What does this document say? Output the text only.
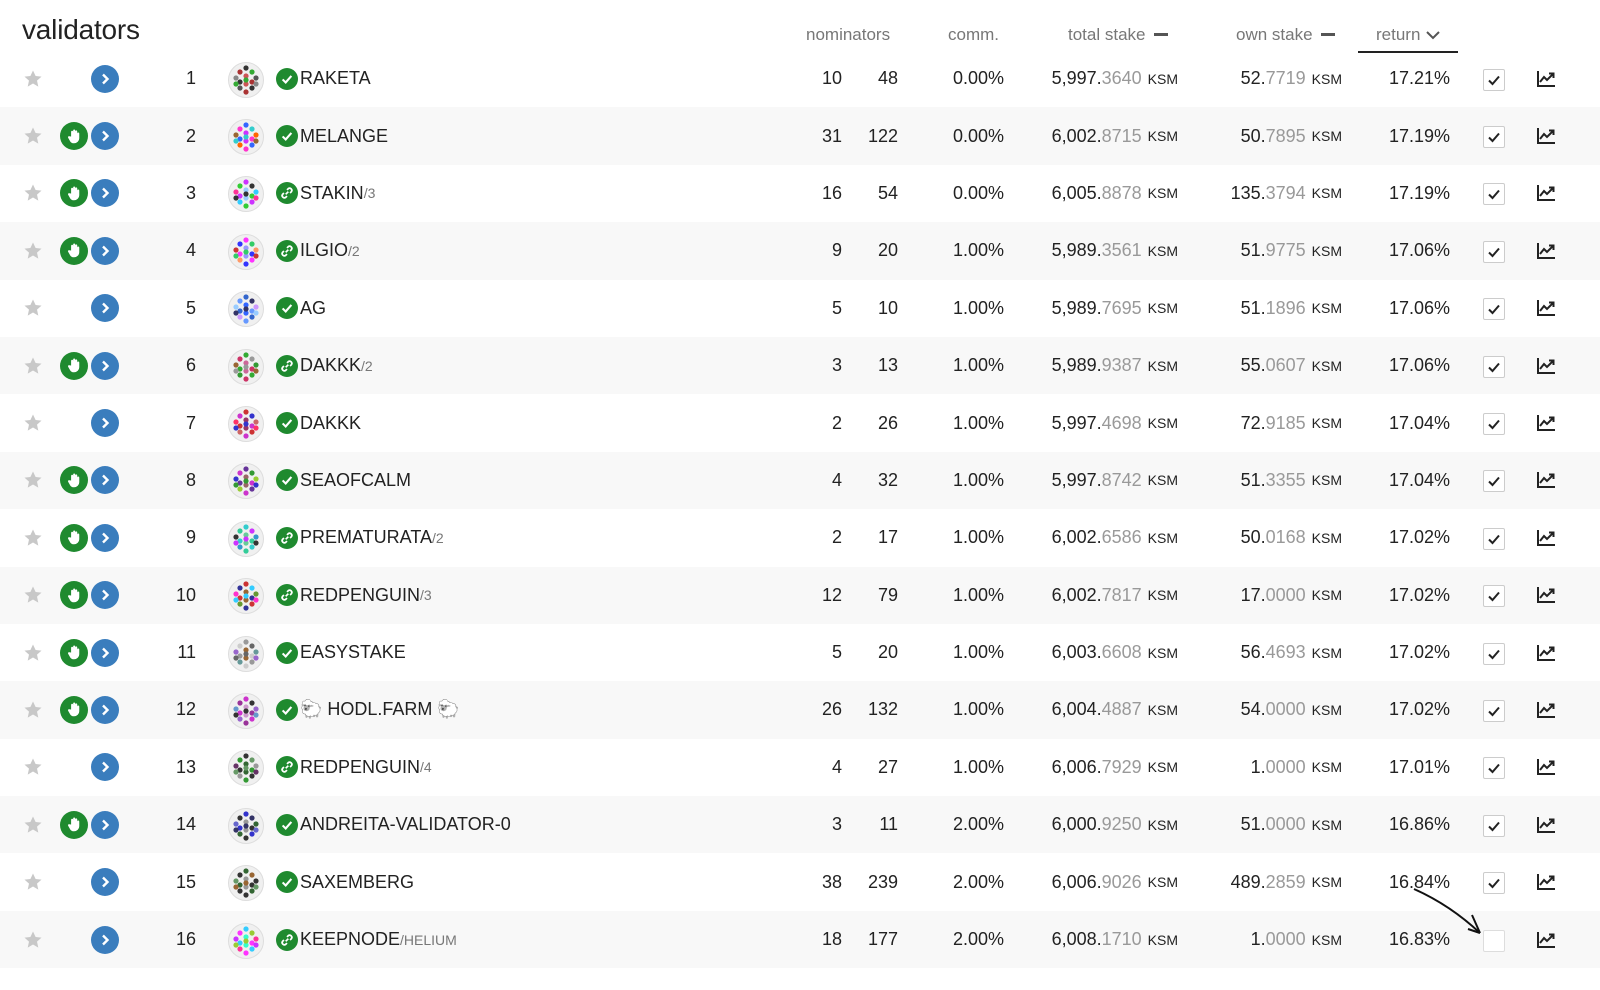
validators	nominators	comm.	total stake	own stake	return
1	RAKETA	10	48	0.00%	5,997. 3640 KSM	52. 7719 KSM	17.21%
2	MELANGE	31	122	0.00%	6,002. 8715 KSM	50. 7895 KSM	17.19%
3	STAKIN /3	16	54	0.00%	6,005. 8878 KSM	135. 3794 KSM	17.19%
4	ILGIO /2	9	20	1.00%	5,989. 3561 KSM	51. 9775 KSM	17.06%
5	AG	5	10	1.00%	5,989. 7695 KSM	51. 1896 KSM	17.06%
6	DAKKK /2	3	13	1.00%	5,989. 9387 KSM	55. 0607 KSM	17.06%
7	DAKKK	2	26	1.00%	5,997. 4698 KSM	72. 9185 KSM	17.04%
8	SEAOFCALM	4	32	1.00%	5,997. 8742 KSM	51. 3355 KSM	17.04%
9	PREMATURATA /2	2	17	1.00%	6,002. 6586 KSM	50. 0168 KSM	17.02%
10	REDPENGUIN /3	12	79	1.00%	6,002. 7817 KSM	17. 0000 KSM	17.02%
11	EASYSTAKE	5	20	1.00%	6,003. 6608 KSM	56. 4693 KSM	17.02%
12	🐑 HODL.FARM 🐑	26	132	1.00%	6,004. 4887 KSM	54. 0000 KSM	17.02%
13	REDPENGUIN /4	4	27	1.00%	6,006. 7929 KSM	1. 0000 KSM	17.01%
14	ANDREITA-VALIDATOR-0	3	11	2.00%	6,000. 9250 KSM	51. 0000 KSM	16.86%
15	SAXEMBERG	38	239	2.00%	6,006. 9026 KSM	489. 2859 KSM	16.84%
16	KEEPNODE /HELIUM	18	177	2.00%	6,008. 1710 KSM	1. 0000 KSM	16.83%
